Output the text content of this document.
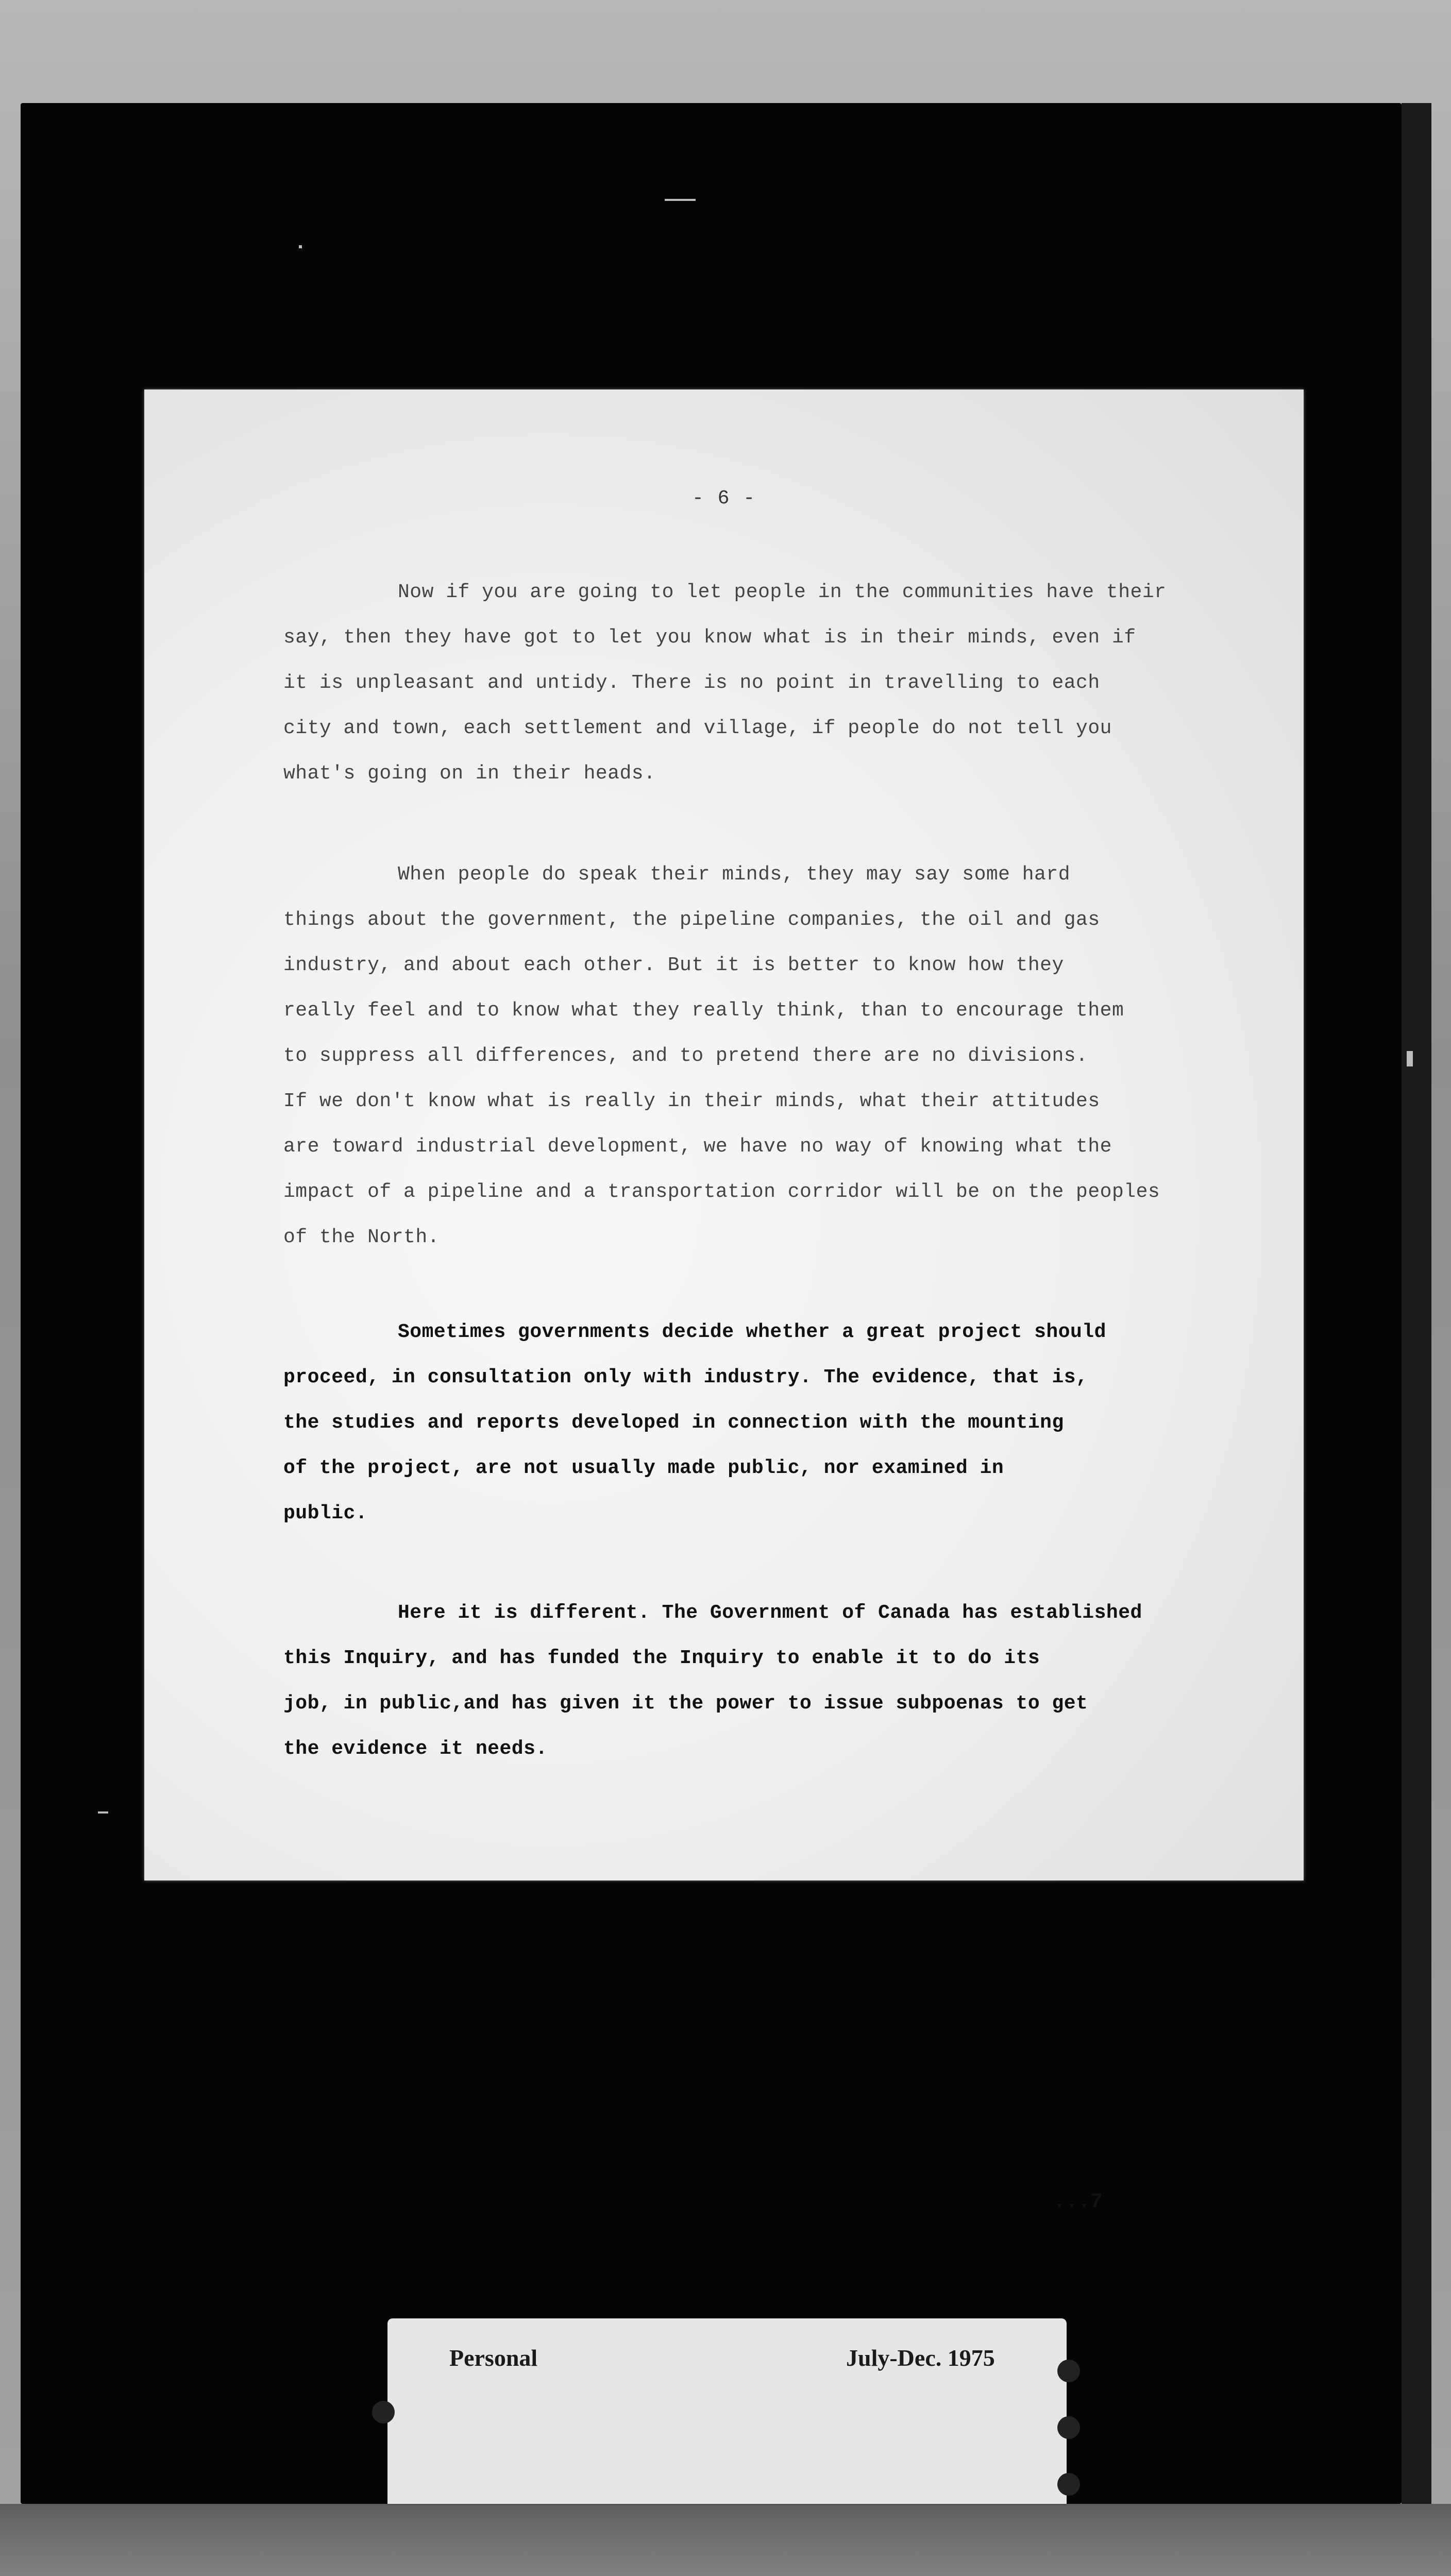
- 6 -

Now if you are going to let people in the communities have their
say, then they have got to let you know what is in their minds, even if
it is unpleasant and untidy. There is no point in travelling to each
city and town, each settlement and village, if people do not tell you
what's going on in their heads.

When people do speak their minds, they may say some hard
things about the government, the pipeline companies, the oil and gas
industry, and about each other. But it is better to know how they
really feel and to know what they really think, than to encourage them
to suppress all differences, and to pretend there are no divisions.
If we don't know what is really in their minds, what their attitudes
are toward industrial development, we have no way of knowing what the
impact of a pipeline and a transportation corridor will be on the peoples
of the North.

Sometimes governments decide whether a great project should
proceed, in consultation only with industry. The evidence, that is,
the studies and reports developed in connection with the mounting
of the project, are not usually made public, nor examined in
public.

Here it is different. The Government of Canada has established
this Inquiry, and has funded the Inquiry to enable it to do its
job, in public,and has given it the power to issue subpoenas to get
the evidence it needs.

...7
Personal	July-Dec. 1975
